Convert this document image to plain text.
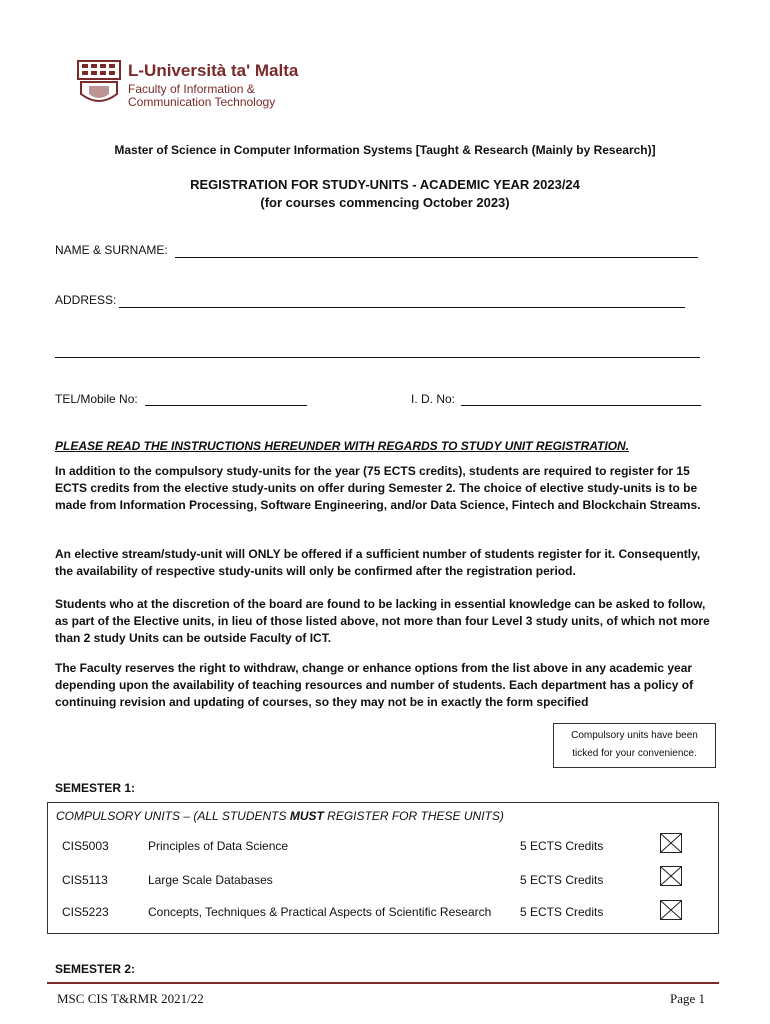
L-Università ta' Malta
Faculty of Information &
Communication Technology
Master of Science in Computer Information Systems [Taught & Research (Mainly by Research)]
REGISTRATION FOR STUDY-UNITS - ACADEMIC YEAR 2023/24
(for courses commencing October 2023)
NAME & SURNAME:
ADDRESS:
TEL/Mobile No:	I. D. No:
PLEASE READ THE INSTRUCTIONS HEREUNDER WITH REGARDS TO STUDY UNIT REGISTRATION.
In addition to the compulsory study-units for the year (75 ECTS credits), students are required to register for 15 ECTS credits from the elective study-units on offer during Semester 2. The choice of elective study-units is to be made from Information Processing, Software Engineering, and/or Data Science, Fintech and Blockchain Streams.
An elective stream/study-unit will ONLY be offered if a sufficient number of students register for it. Consequently, the availability of respective study-units will only be confirmed after the registration period.
Students who at the discretion of the board are found to be lacking in essential knowledge can be asked to follow, as part of the Elective units, in lieu of those listed above, not more than four Level 3 study units, of which not more than 2 study Units can be outside Faculty of ICT.
The Faculty reserves the right to withdraw, change or enhance options from the list above in any academic year depending upon the availability of teaching resources and number of students. Each department has a policy of continuing revision and updating of courses, so they may not be in exactly the form specified
Compulsory units have been
ticked for your convenience.
SEMESTER 1:
COMPULSORY UNITS – (ALL STUDENTS MUST REGISTER FOR THESE UNITS)
CIS5003	Principles of Data Science	5 ECTS Credits
CIS5113	Large Scale Databases	5 ECTS Credits
CIS5223	Concepts, Techniques & Practical Aspects of Scientific Research 5 ECTS Credits
SEMESTER 2:
MSC CIS T&RMR 2021/22	Page 1
